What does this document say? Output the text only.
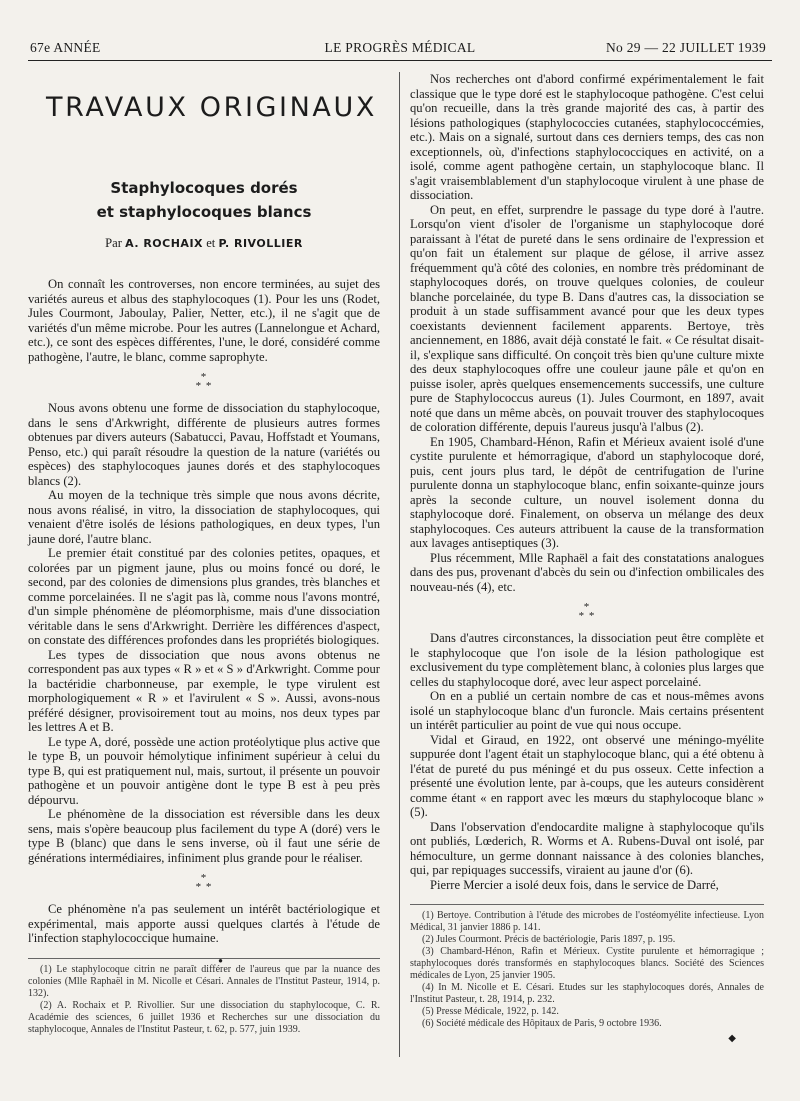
67e ANNÉE	LE PROGRÈS MÉDICAL	No 29 — 22 JUILLET 1939
TRAVAUX ORIGINAUX
Staphylocoques dorés
et staphylocoques blancs
Par A. ROCHAIX et P. RIVOLLIER

On connaît les controverses, non encore terminées, au sujet des variétés aureus et albus des staphylocoques (1). Pour les uns (Rodet, Jules Courmont, Jaboulay, Palier, Netter, etc.), il ne s'agit que de variétés d'un même microbe. Pour les autres (Lannelongue et Achard, etc.), ce sont des espèces différentes, l'une, le doré, considéré comme pathogène, l'autre, le blanc, comme saprophyte.

*
* *

Nous avons obtenu une forme de dissociation du staphylocoque, dans le sens d'Arkwright, différente de plusieurs autres formes obtenues par divers auteurs (Sabatucci, Pavau, Hoffstadt et Youmans, Penso, etc.) qui paraît résoudre la question de la nature (variétés ou espèces) des staphylocoques jaunes dorés et des staphylocoques blancs (2).

Au moyen de la technique très simple que nous avons décrite, nous avons réalisé, in vitro, la dissociation de staphylocoques, qui venaient d'être isolés de lésions pathologiques, en deux types, l'un jaune doré, l'autre blanc.

Le premier était constitué par des colonies petites, opaques, et colorées par un pigment jaune, plus ou moins foncé ou doré, le second, par des colonies de dimensions plus grandes, très blanches et comme porcelainées. Il ne s'agit pas là, comme nous l'avons montré, d'un simple phénomène de pléomorphisme, mais d'une dissociation véritable dans le sens d'Arkwright. Derrière les différences d'aspect, on constate des différences profondes dans les propriétés biologiques.

Les types de dissociation que nous avons obtenus ne correspondent pas aux types « R » et « S » d'Arkwright. Comme pour la bactéridie charbonneuse, par exemple, le type virulent est morphologiquement « R » et l'avirulent « S ». Aussi, avons-nous préféré désigner, provisoirement tout au moins, nos deux types par les lettres A et B.

Le type A, doré, possède une action protéolytique plus active que le type B, un pouvoir hémolytique infiniment supérieur à celui du type B, qui est pratiquement nul, mais, surtout, il présente un pouvoir pathogène et un pouvoir antigène dont le type B est à peu près dépourvu.

Le phénomène de la dissociation est réversible dans les deux sens, mais s'opère beaucoup plus facilement du type A (doré) vers le type B (blanc) que dans le sens inverse, où il faut une série de générations intermédiaires, infiniment plus grande pour le réaliser.

*
* *

Ce phénomène n'a pas seulement un intérêt bactériologique et expérimental, mais apporte aussi quelques clartés à l'étude de l'infection staphylococcique humaine.

●

(1) Le staphylocoque citrin ne paraît différer de l'aureus que par la nuance des colonies (Mlle Raphaël in M. Nicolle et Césari. Annales de l'Institut Pasteur, 1914, p. 132).

(2) A. Rochaix et P. Rivollier. Sur une dissociation du staphylocoque, C. R. Académie des sciences, 6 juillet 1936 et Recherches sur une dissociation du staphylocoque, Annales de l'Institut Pasteur, t. 62, p. 577, juin 1939.

Nos recherches ont d'abord confirmé expérimentalement le fait classique que le type doré est le staphylocoque pathogène. C'est celui qu'on recueille, dans la très grande majorité des cas, à partir des lésions pathologiques (staphylococcies cutanées, staphylococcémies, etc.). Mais on a signalé, surtout dans ces derniers temps, des cas non exceptionnels, où, d'infections staphylococciques en activité, on a isolé, comme agent pathogène certain, un staphylocoque blanc. Il s'agit vraisemblablement d'un staphylocoque virulent à une phase de dissociation.

On peut, en effet, surprendre le passage du type doré à l'autre. Lorsqu'on vient d'isoler de l'organisme un staphylocoque doré paraissant à l'état de pureté dans le sens ordinaire de l'expression et qu'on fait un étalement sur plaque de gélose, il arrive assez fréquemment qu'à côté des colonies, en nombre très prédominant de staphylocoques dorés, on trouve quelques colonies, de couleur blanche porcelainée, du type B. Dans d'autres cas, la dissociation se produit à un stade suffisamment avancé pour que les deux types coexistants deviennent facilement apparents. Bertoye, très anciennement, en 1886, avait déjà constaté le fait. « Ce résultat disait-il, s'explique sans difficulté. On conçoit très bien qu'une culture mixte des deux staphylocoques offre une couleur jaune pâle et qu'on en puisse isoler, après quelques ensemencements successifs, une culture pure de Staphylococcus aureus (1). Jules Courmont, en 1897, avait noté que dans un même abcès, on pouvait trouver des staphylocoques de coloration différente, depuis l'aureus jusqu'à l'albus (2).

En 1905, Chambard-Hénon, Rafin et Mérieux avaient isolé d'une cystite purulente et hémorragique, d'abord un staphylocoque doré, puis, cent jours plus tard, le dépôt de centrifugation de l'urine purulente donna un staphylocoque blanc, enfin soixante-quinze jours après la seconde culture, un nouvel isolement donna du staphylocoque doré. Finalement, on observa un mélange des deux staphylocoques. Ces auteurs attribuent la cause de la transformation aux lavages antiseptiques (3).

Plus récemment, Mlle Raphaël a fait des constatations analogues dans des pus, provenant d'abcès du sein ou d'infection ombilicales des nouveau-nés (4), etc.

*
* *

Dans d'autres circonstances, la dissociation peut être complète et le staphylocoque que l'on isole de la lésion pathologique est exclusivement du type complètement blanc, à colonies plus larges que celles du staphylocoque doré, avec leur aspect porcelainé.

On en a publié un certain nombre de cas et nous-mêmes avons isolé un staphylocoque blanc d'un furoncle. Mais certains présentent un intérêt particulier au point de vue qui nous occupe.

Vidal et Giraud, en 1922, ont observé une méningo-myélite suppurée dont l'agent était un staphylocoque blanc, qui a été obtenu à l'état de pureté du pus méningé et du pus osseux. Cette infection a présenté une évolution lente, par à-coups, que les auteurs considèrent comme étant « en rapport avec les mœurs du staphylocoque blanc » (5).

Dans l'observation d'endocardite maligne à staphylocoque qu'ils ont publiés, Lœderich, R. Worms et A. Rubens-Duval ont isolé, par hémoculture, un germe donnant naissance à des colonies blanches, qui, par repiquages successifs, viraient au jaune d'or (6).

Pierre Mercier a isolé deux fois, dans le service de Darré,

(1) Bertoye. Contribution à l'étude des microbes de l'ostéomyélite infectieuse. Lyon Médical, 31 janvier 1886 p. 141.

(2) Jules Courmont. Précis de bactériologie, Paris 1897, p. 195.

(3) Chambard-Hénon, Rafin et Mérieux. Cystite purulente et hémorragique ; staphylocoques dorés transformés en staphylocoques blancs. Société des Sciences médicales de Lyon, 25 janvier 1905.

(4) In M. Nicolle et E. Césari. Etudes sur les staphylocoques dorés, Annales de l'Institut Pasteur, t. 28, 1914, p. 232.

(5) Presse Médicale, 1922, p. 142.

(6) Société médicale des Hôpitaux de Paris, 9 octobre 1936.

◆
